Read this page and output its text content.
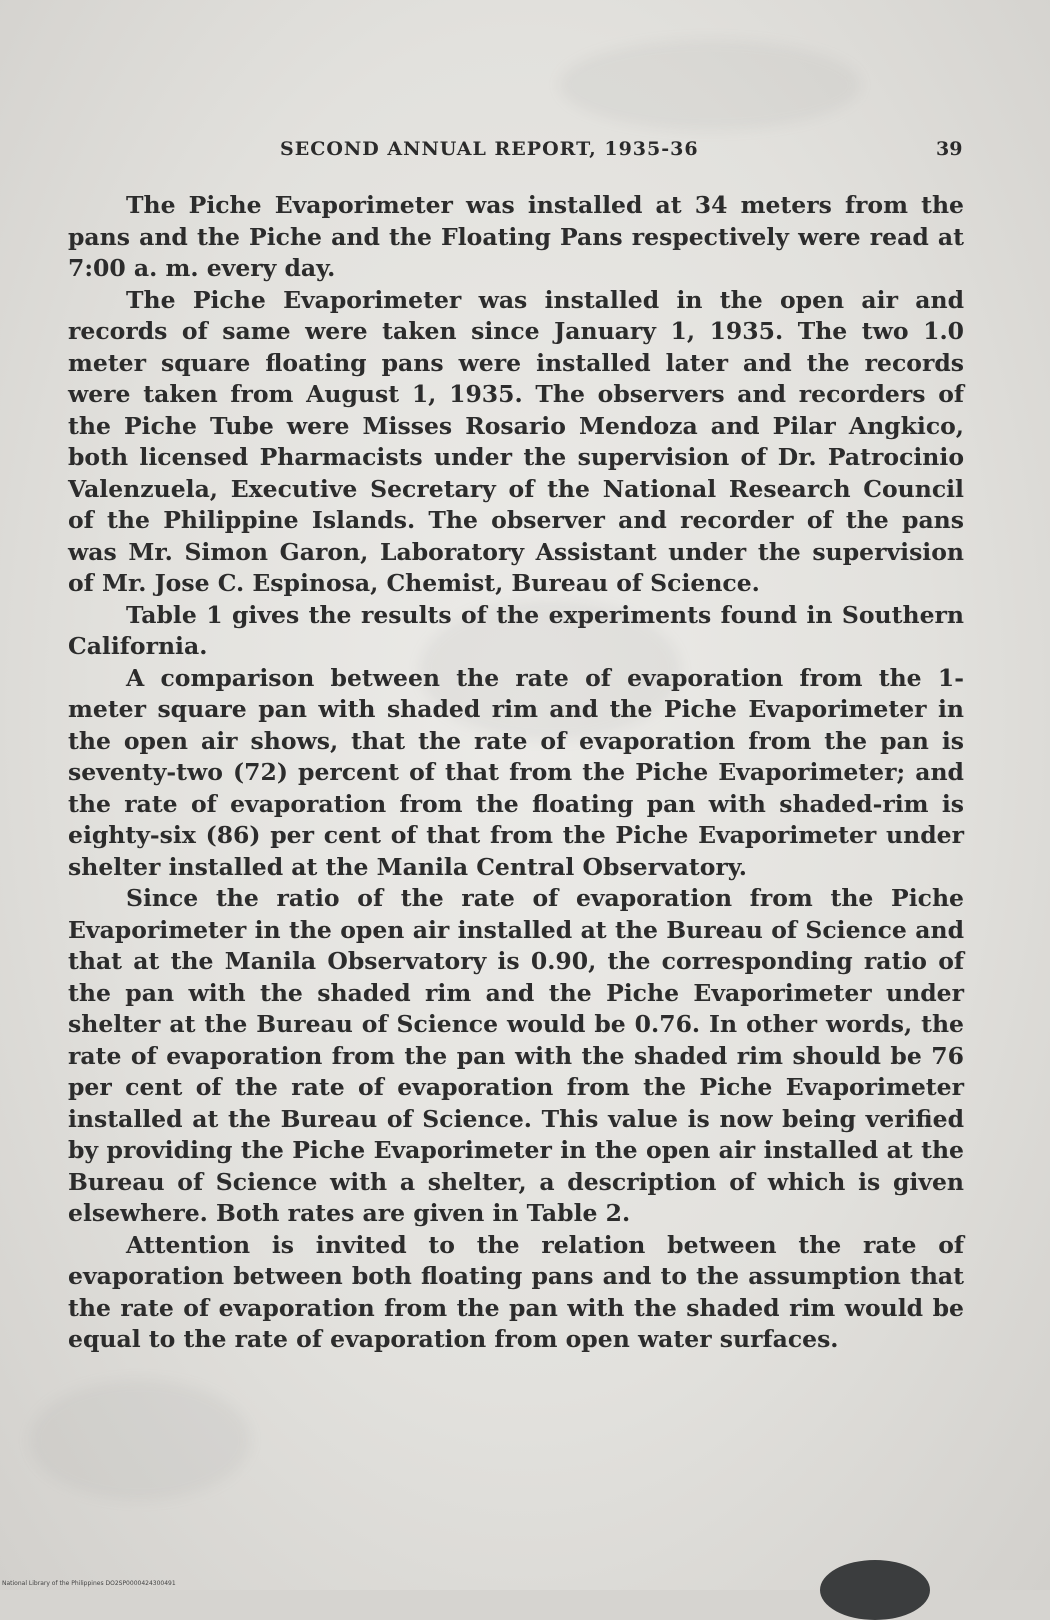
SECOND ANNUAL REPORT, 1935-36	39

The Piche Evaporimeter was installed at 34 meters from the pans and the Piche and the Floating Pans respectively were read at 7:00 a. m. every day.

The Piche Evaporimeter was installed in the open air and records of same were taken since January 1, 1935. The two 1.0 meter square floating pans were installed later and the records were taken from August 1, 1935. The observers and recorders of the Piche Tube were Misses Rosario Mendoza and Pilar Angkico, both licensed Pharmacists under the supervision of Dr. Patrocinio Valenzuela, Executive Secretary of the National Research Council of the Philippine Islands. The observer and recorder of the pans was Mr. Simon Garon, Laboratory Assistant under the supervision of Mr. Jose C. Espinosa, Chemist, Bureau of Science.

Table 1 gives the results of the experiments found in Southern California.

A comparison between the rate of evaporation from the 1-meter square pan with shaded rim and the Piche Evaporimeter in the open air shows, that the rate of evaporation from the pan is seventy-two (72) percent of that from the Piche Evaporimeter; and the rate of evaporation from the floating pan with shaded-rim is eighty-six (86) per cent of that from the Piche Evaporimeter under shelter installed at the Manila Central Observatory.

Since the ratio of the rate of evaporation from the Piche Evaporimeter in the open air installed at the Bureau of Science and that at the Manila Observatory is 0.90, the corresponding ratio of the pan with the shaded rim and the Piche Evaporimeter under shelter at the Bureau of Science would be 0.76. In other words, the rate of evaporation from the pan with the shaded rim should be 76 per cent of the rate of evaporation from the Piche Evaporimeter installed at the Bureau of Science. This value is now being verified by providing the Piche Evaporimeter in the open air installed at the Bureau of Science with a shelter, a description of which is given elsewhere. Both rates are given in Table 2.

Attention is invited to the relation between the rate of evaporation between both floating pans and to the assumption that the rate of evaporation from the pan with the shaded rim would be equal to the rate of evaporation from open water surfaces.

National Library of the Philippines DO2SP0000424300491
